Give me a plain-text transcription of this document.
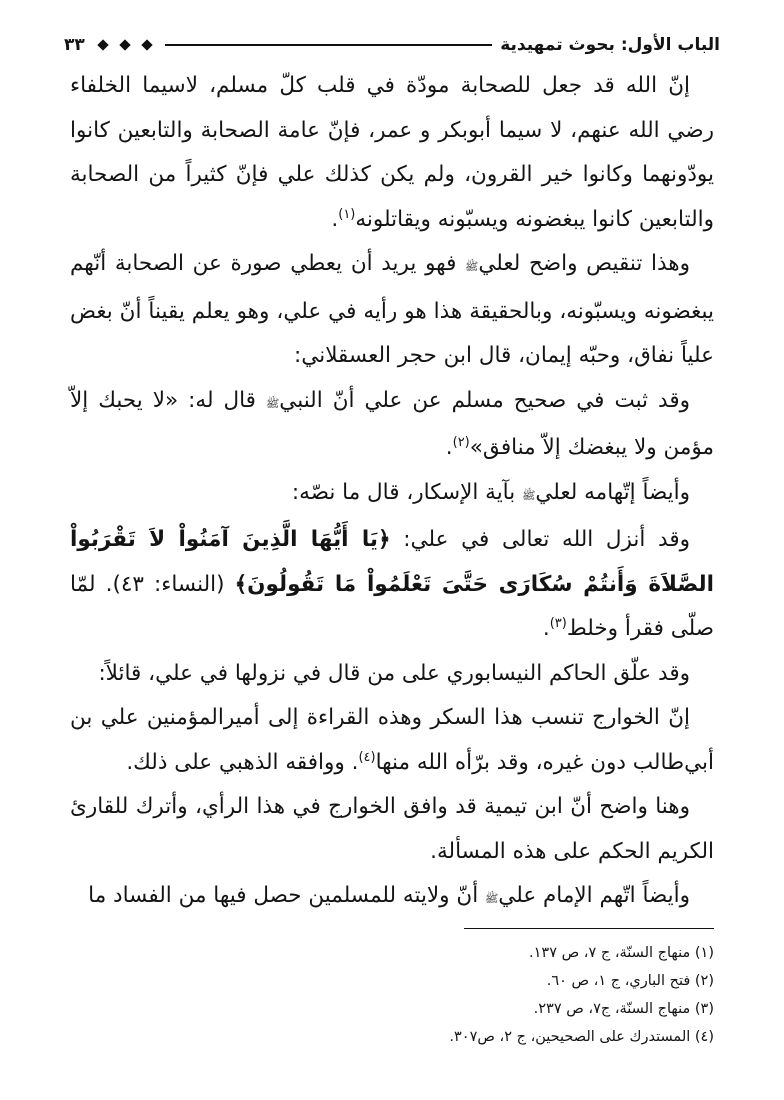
الباب الأول: بحوث تمهيدية
٣٣

إنّ الله قد جعل للصحابة مودّة في قلب كلّ مسلم، لاسيما الخلفاء رضي الله عنهم، لا سيما أبوبكر و عمر، فإنّ عامة الصحابة والتابعين كانوا يودّونهما وكانوا خير القرون، ولم يكن كذلك علي فإنّ كثيراً من الصحابة والتابعين كانوا يبغضونه ويسبّونه ويقاتلونه$^{(١)}$.

وهذا تنقيص واضح لعليﷺ فهو يريد أن يعطي صورة عن الصحابة أنّهم يبغضونه ويسبّونه، وبالحقيقة هذا هو رأيه في علي، وهو يعلم يقيناً أنّ بغض علياً نفاق، وحبّه إيمان، قال ابن حجر العسقلاني:

وقد ثبت في صحيح مسلم عن علي أنّ النبيﷺ قال له: «لا يحبك إلاّ مؤمن ولا يبغضك إلاّ منافق»$^{(٢)}$.

وأيضاً إتّهامه لعليﷺ بآية الإسكار، قال ما نصّه:

وقد أنزل الله تعالى في علي: ﴿يَا أَيُّهَا الَّذِينَ آمَنُواْ لاَ تَقْرَبُواْ الصَّلاَةَ وَأَنتُمْ سُكَارَى حَتَّىَ تَعْلَمُواْ مَا تَقُولُونَ﴾ (النساء: ٤٣). لمّا صلّى فقرأ وخلط$^{(٣)}$.

وقد علّق الحاكم النيسابوري على من قال في نزولها في علي، قائلاً:

إنّ الخوارج تنسب هذا السكر وهذه القراءة إلى أميرالمؤمنين علي بن أبي‌طالب دون غيره، وقد برّأه الله منها$^{(٤)}$. ووافقه الذهبي على ذلك.

وهنا واضح أنّ ابن تيمية قد وافق الخوارج في هذا الرأي، وأترك للقارئ الكريم الحكم على هذه المسألة.

وأيضاً اتّهم الإمام عليﷺ أنّ ولايته للمسلمين حصل فيها من الفساد ما

(١) منهاج السنّة، ج ٧، ص ١٣٧.
(٢) فتح الباري، ج ١، ص ٦٠.
(٣) منهاج السنّة، ج٧، ص ٢٣٧.
(٤) المستدرك على الصحيحين، ج ٢، ص٣٠٧.
